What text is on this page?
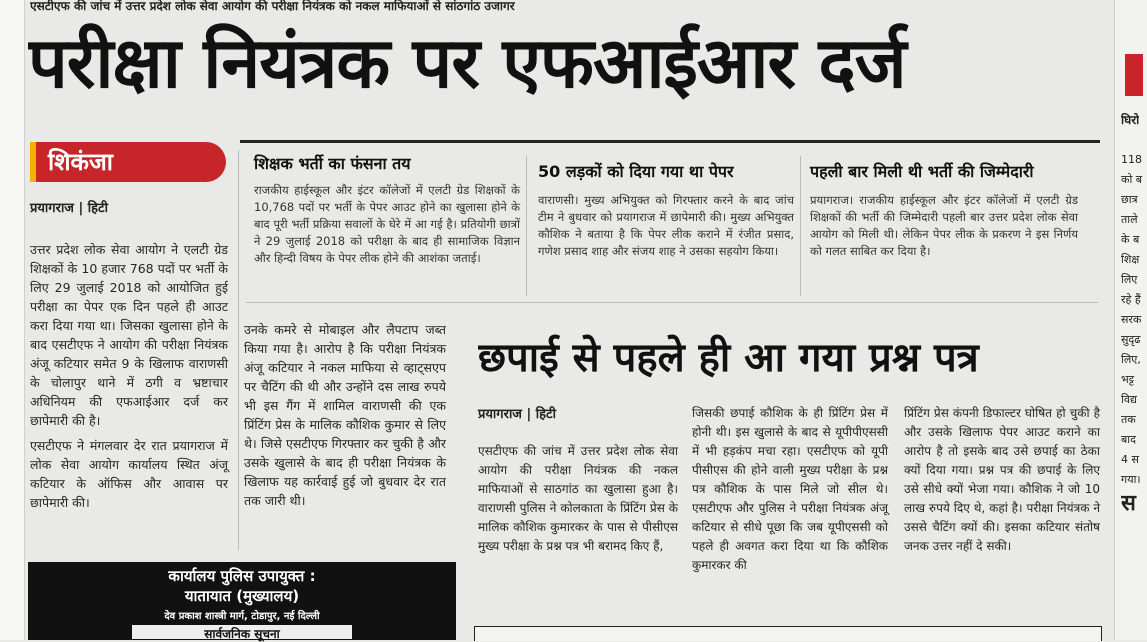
एसटीएफ की जांच में उत्तर प्रदेश लोक सेवा आयोग की परीक्षा नियंत्रक को नकल माफियाओं से सांठगांठ उजागर
परीक्षा नियंत्रक पर एफआईआर दर्ज
घिरो
118
को ब
छात्र
ताले
के ब
शिक्ष
लिए
रहे हैं
सरक
सुदृढ
लिए,
भट्ट
विद्य
तक
बाद
4 स
गया।
स
शिकंजा
प्रयागराज | हिटी
उत्तर प्रदेश लोक सेवा आयोग ने एलटी ग्रेड शिक्षकों के 10 हजार 768 पदों पर भर्ती के लिए 29 जुलाई 2018 को आयोजित हुई परीक्षा का पेपर एक दिन पहले ही आउट करा दिया गया था। जिसका खुलासा होने के बाद एसटीएफ ने आयोग की परीक्षा नियंत्रक अंजू कटियार समेत 9 के खिलाफ वाराणसी के चोलापुर थाने में ठगी व भ्रष्टाचार अधिनियम की एफआईआर दर्ज कर छापेमारी की है।
एसटीएफ ने मंगलवार देर रात प्रयागराज में लोक सेवा आयोग कार्यालय स्थित अंजू कटियार के ऑफिस और आवास पर छापेमारी की।
उनके कमरे से मोबाइल और लैपटाप जब्त किया गया है। आरोप है कि परीक्षा नियंत्रक अंजू कटियार ने नकल माफिया से व्हाट्सएप पर चैटिंग की थी और उन्होंने दस लाख रुपये भी इस गैंग में शामिल वाराणसी की एक प्रिंटिंग प्रेस के मालिक कौशिक कुमार से लिए थे। जिसे एसटीएफ गिरफ्तार कर चुकी है और उसके खुलासे के बाद ही परीक्षा नियंत्रक के खिलाफ यह कार्रवाई हुई जो बुधवार देर रात तक जारी थी।
शिक्षक भर्ती का फंसना तय
राजकीय हाईस्कूल और इंटर कॉलेजों में एलटी ग्रेड शिक्षकों के 10,768 पदों पर भर्ती के पेपर आउट होने का खुलासा होने के बाद पूरी भर्ती प्रक्रिया सवालों के घेरे में आ गई है। प्रतियोगी छात्रों ने 29 जुलाई 2018 को परीक्षा के बाद ही सामाजिक विज्ञान और हिन्दी विषय के पेपर लीक होने की आशंका जताई।
50 लड़कों को दिया गया था पेपर
वाराणसी। मुख्य अभियुक्त को गिरफ्तार करने के बाद जांच टीम ने बुधवार को प्रयागराज में छापेमारी की। मुख्य अभियुक्त कौशिक ने बताया है कि पेपर लीक कराने में रंजीत प्रसाद, गणेश प्रसाद शाह और संजय शाह ने उसका सहयोग किया।
पहली बार मिली थी भर्ती की जिम्मेदारी
प्रयागराज। राजकीय हाईस्कूल और इंटर कॉलेजों में एलटी ग्रेड शिक्षकों की भर्ती की जिम्मेदारी पहली बार उत्तर प्रदेश लोक सेवा आयोग को मिली थी। लेकिन पेपर लीक के प्रकरण ने इस निर्णय को गलत साबित कर दिया है।
छपाई से पहले ही आ गया प्रश्न पत्र
प्रयागराज | हिटी
एसटीएफ की जांच में उत्तर प्रदेश लोक सेवा आयोग की परीक्षा नियंत्रक की नकल माफियाओं से साठगांठ का खुलासा हुआ है। वाराणसी पुलिस ने कोलकाता के प्रिंटिंग प्रेस के मालिक कौशिक कुमारकर के पास से पीसीएस मुख्य परीक्षा के प्रश्न पत्र भी बरामद किए हैं,
जिसकी छपाई कौशिक के ही प्रिंटिंग प्रेस में होनी थी। इस खुलासे के बाद से यूपीपीएससी में भी हड़कंप मचा रहा। एसटीएफ को यूपी पीसीएस की होने वाली मुख्य परीक्षा के प्रश्न पत्र कौशिक के पास मिले जो सील थे। एसटीएफ और पुलिस ने परीक्षा नियंत्रक अंजू कटियार से सीधे पूछा कि जब यूपीएससी को पहले ही अवगत करा दिया था कि कौशिक कुमारकर की
प्रिंटिंग प्रेस कंपनी डिफाल्टर घोषित हो चुकी है और उसके खिलाफ पेपर आउट कराने का आरोप है तो इसके बाद उसे छपाई का ठेका क्यों दिया गया। प्रश्न पत्र की छपाई के लिए उसे सीधे क्यों भेजा गया। कौशिक ने जो 10 लाख रुपये दिए थे, कहां है। परीक्षा नियंत्रक ने उससे चैटिंग क्यों की। इसका कटियार संतोष जनक उत्तर नहीं दे सकी।
कार्यालय पुलिस उपायुक्त :
यातायात (मुख्यालय)
देव प्रकाश शास्त्री मार्ग, टोडापुर, नई दिल्ली
सार्वजनिक सूचना
